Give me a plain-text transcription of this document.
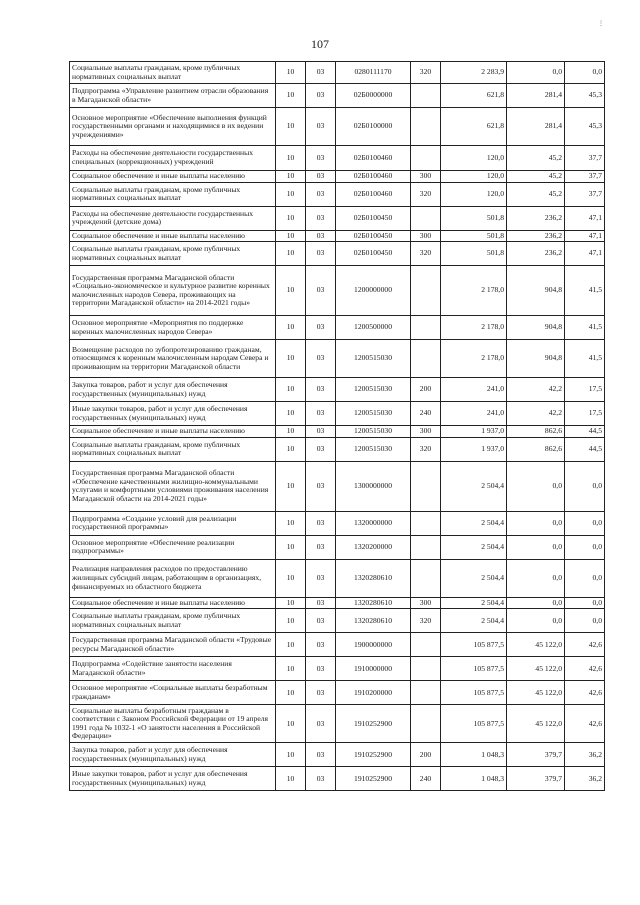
107
⋮
Социальные выплаты гражданам, кроме публичных нормативных социальных выплат	10	03	0280111170	320	2 283,9	0,0	0,0
Подпрограмма «Управление развитием отрасли образования в Магаданской области»	10	03	02Б0000000		621,8	281,4	45,3
Основное мероприятие «Обеспечение выполнения функций государственными органами и находящимися в их ведении учреждениями»	10	03	02Б0100000		621,8	281,4	45,3
Расходы на обеспечение деятельности государственных специальных (коррекционных) учреждений	10	03	02Б0100460		120,0	45,2	37,7
Социальное обеспечение и иные выплаты населению	10	03	02Б0100460	300	120,0	45,2	37,7
Социальные выплаты гражданам, кроме публичных нормативных социальных выплат	10	03	02Б0100460	320	120,0	45,2	37,7
Расходы на обеспечение деятельности государственных учреждений (детские дома)	10	03	02Б0100450		501,8	236,2	47,1
Социальное обеспечение и иные выплаты населению	10	03	02Б0100450	300	501,8	236,2	47,1
Социальные выплаты гражданам, кроме публичных нормативных социальных выплат	10	03	02Б0100450	320	501,8	236,2	47,1
Государственная программа Магаданской области «Социально-экономическое и культурное развитие коренных малочисленных народов Севера, проживающих на территории Магаданской области» на 2014-2021 годы»	10	03	1200000000		2 178,0	904,8	41,5
Основное мероприятие «Мероприятия по поддержке коренных малочисленных народов Севера»	10	03	1200500000		2 178,0	904,8	41,5
Возмещение расходов по зубопротезированию гражданам, относящимся к коренным малочисленным народам Севера и проживающим на территории Магаданской области	10	03	1200515030		2 178,0	904,8	41,5
Закупка товаров, работ и услуг для обеспечения государственных (муниципальных) нужд	10	03	1200515030	200	241,0	42,2	17,5
Иные закупки товаров, работ и услуг для обеспечения государственных (муниципальных) нужд	10	03	1200515030	240	241,0	42,2	17,5
Социальное обеспечение и иные выплаты населению	10	03	1200515030	300	1 937,0	862,6	44,5
Социальные выплаты гражданам, кроме публичных нормативных социальных выплат	10	03	1200515030	320	1 937,0	862,6	44,5
Государственная программа Магаданской области «Обеспечение качественными жилищно-коммунальными услугами и комфортными условиями проживания населения Магаданской области на 2014-2021 годы»	10	03	1300000000		2 504,4	0,0	0,0
Подпрограмма «Создание условий для реализации государственной программы»	10	03	1320000000		2 504,4	0,0	0,0
Основное мероприятие «Обеспечение реализации подпрограммы»	10	03	1320200000		2 504,4	0,0	0,0
Реализация направления расходов по предоставлению жилищных субсидий лицам, работающим в организациях, финансируемых из областного бюджета	10	03	1320280610		2 504,4	0,0	0,0
Социальное обеспечение и иные выплаты населению	10	03	1320280610	300	2 504,4	0,0	0,0
Социальные выплаты гражданам, кроме публичных нормативных социальных выплат	10	03	1320280610	320	2 504,4	0,0	0,0
Государственная программа Магаданской области «Трудовые ресурсы Магаданской области»	10	03	1900000000		105 877,5	45 122,0	42,6
Подпрограмма «Содействие занятости населения Магаданской области»	10	03	1910000000		105 877,5	45 122,0	42,6
Основное мероприятие «Социальные выплаты безработным гражданам»	10	03	1910200000		105 877,5	45 122,0	42,6
Социальные выплаты безработным гражданам в соответствии с Законом Российской Федерации от 19 апреля 1991 года № 1032-1 «О занятости населения в Российской Федерации»	10	03	1910252900		105 877,5	45 122,0	42,6
Закупка товаров, работ и услуг для обеспечения государственных (муниципальных) нужд	10	03	1910252900	200	1 048,3	379,7	36,2
Иные закупки товаров, работ и услуг для обеспечения государственных (муниципальных) нужд	10	03	1910252900	240	1 048,3	379,7	36,2
